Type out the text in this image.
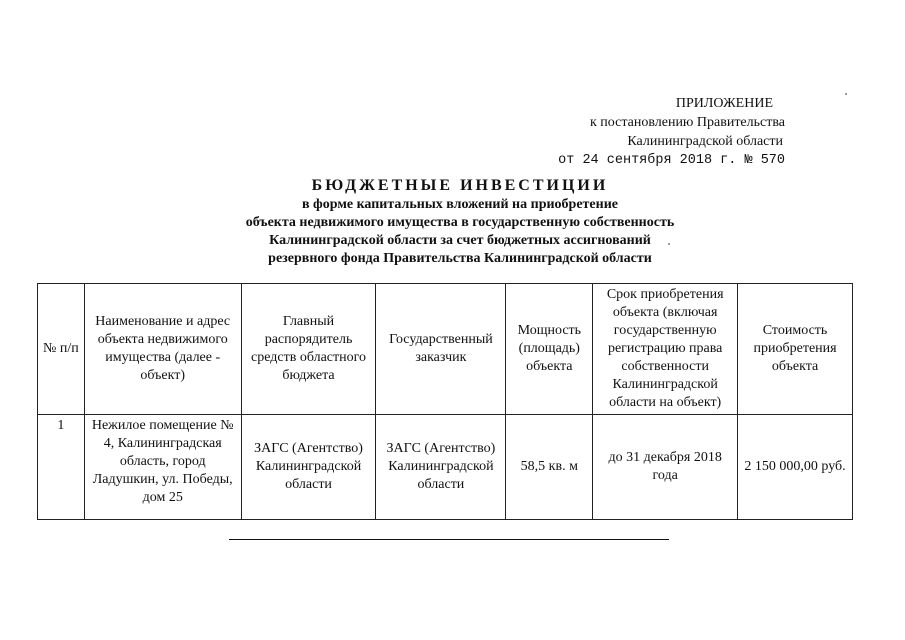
ПРИЛОЖЕНИЕ
к постановлению Правительства
Калининградской области
от 24 сентября 2018 г. № 570
БЮДЖЕТНЫЕ ИНВЕСТИЦИИ
в форме капитальных вложений на приобретение
объекта недвижимого имущества в государственную собственность
Калининградской области за счет бюджетных ассигнований
резервного фонда Правительства Калининградской области
№ п/п	Наименование и адрес объекта недвижимого имущества (далее - объект)	Главный распорядитель средств областного бюджета	Государственный заказчик	Мощность (площадь) объекта	Срок приобретения объекта (включая государственную регистрацию права собственности Калининградской области на объект)	Стоимость приобретения объекта
1	Нежилое помещение № 4, Калининградская область, город Ладушкин, ул. Победы, дом 25	ЗАГС (Агентство) Калининградской области	ЗАГС (Агентство) Калининградской области	58,5 кв. м	до 31 декабря 2018 года	2 150 000,00 руб.
